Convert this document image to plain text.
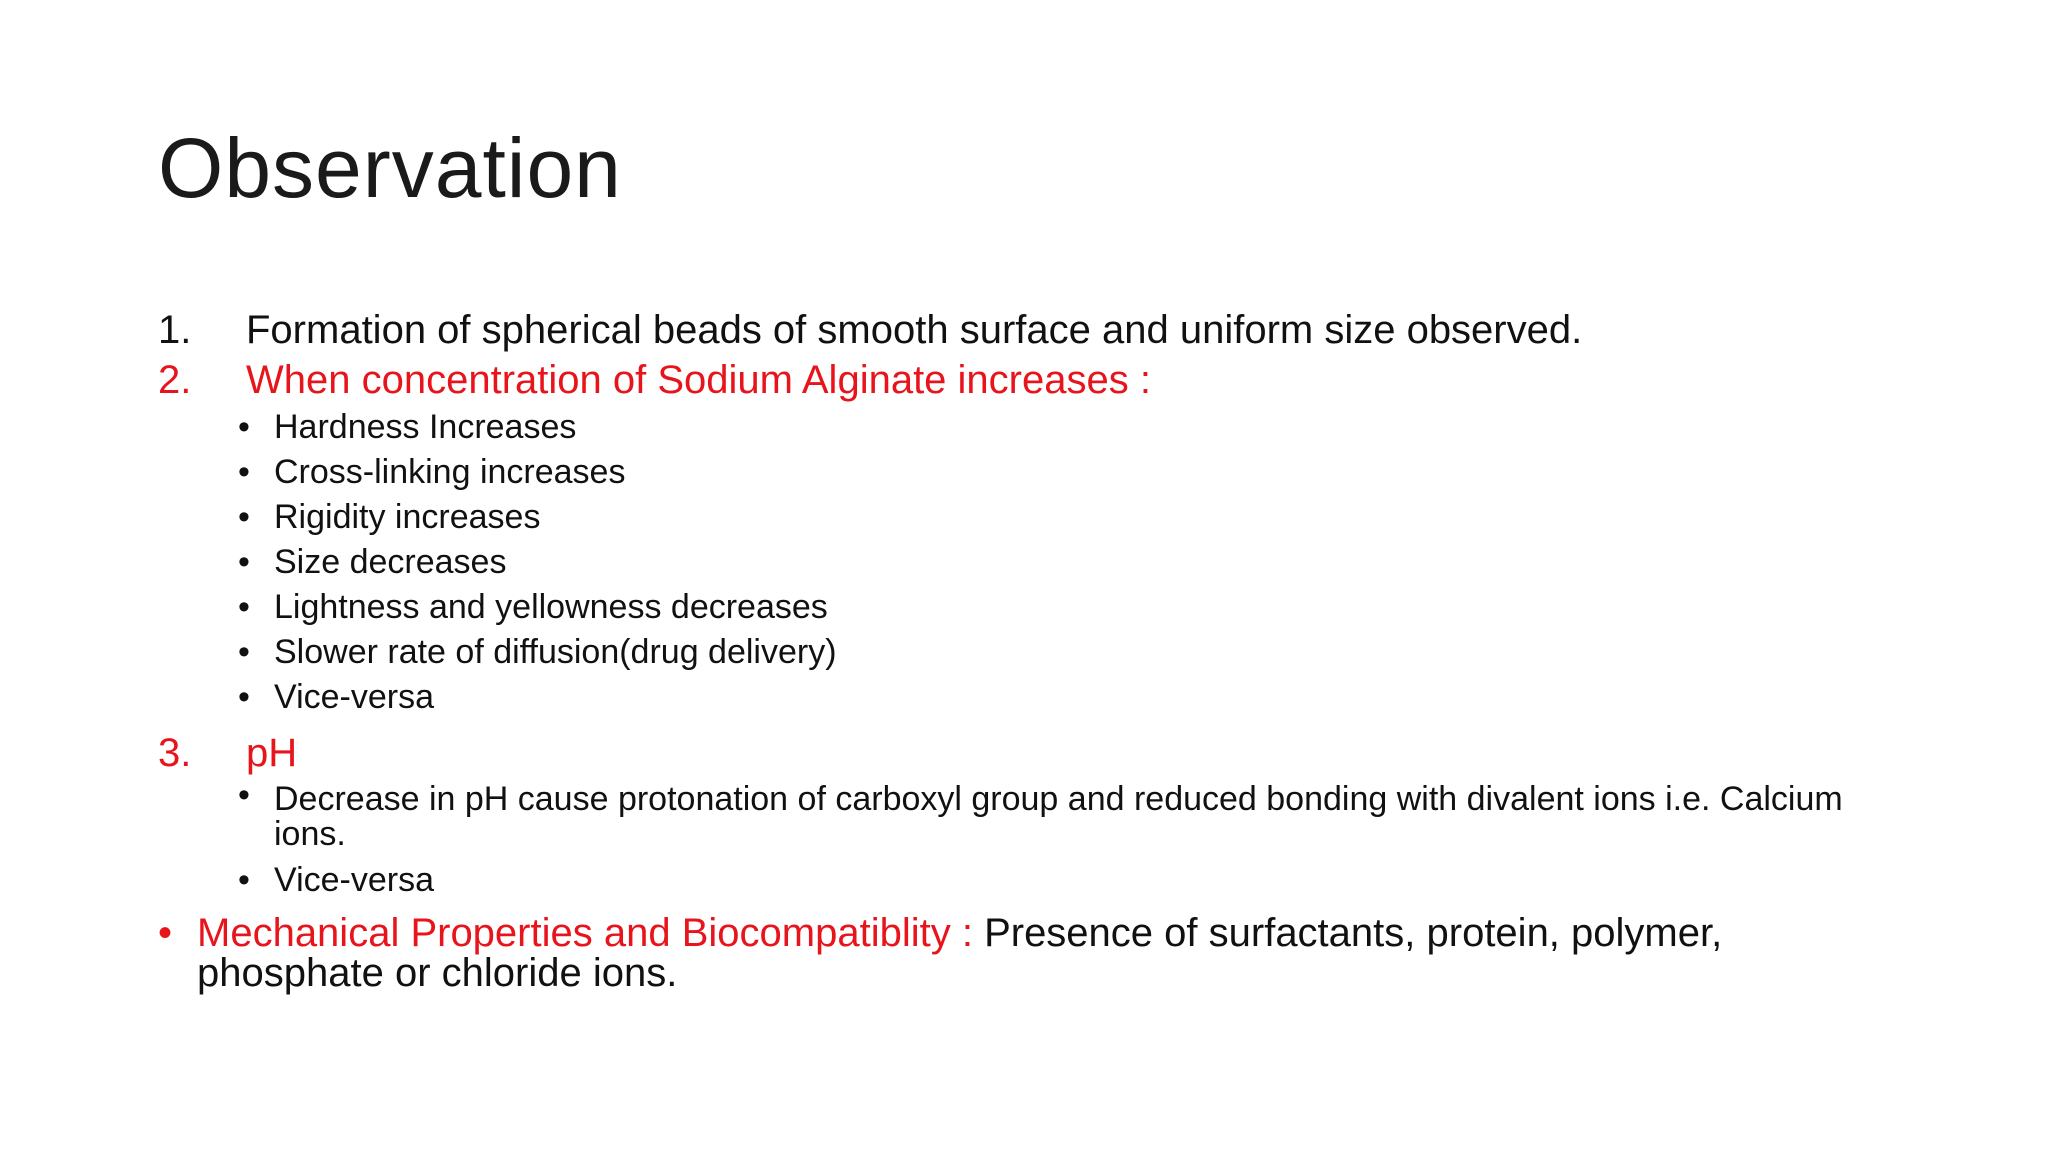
Observation
1. Formation of spherical beads of smooth surface and uniform size observed.
2. When concentration of Sodium Alginate increases :
• Hardness Increases
• Cross-linking increases
• Rigidity increases
• Size decreases
• Lightness and yellowness decreases
• Slower rate of diffusion(drug delivery)
• Vice-versa
3. pH
• Decrease in pH cause protonation of carboxyl group and reduced bonding with divalent ions i.e. Calcium ions.
• Vice-versa
• Mechanical Properties and Biocompatiblity : Presence of surfactants, protein, polymer, phosphate or chloride ions.
